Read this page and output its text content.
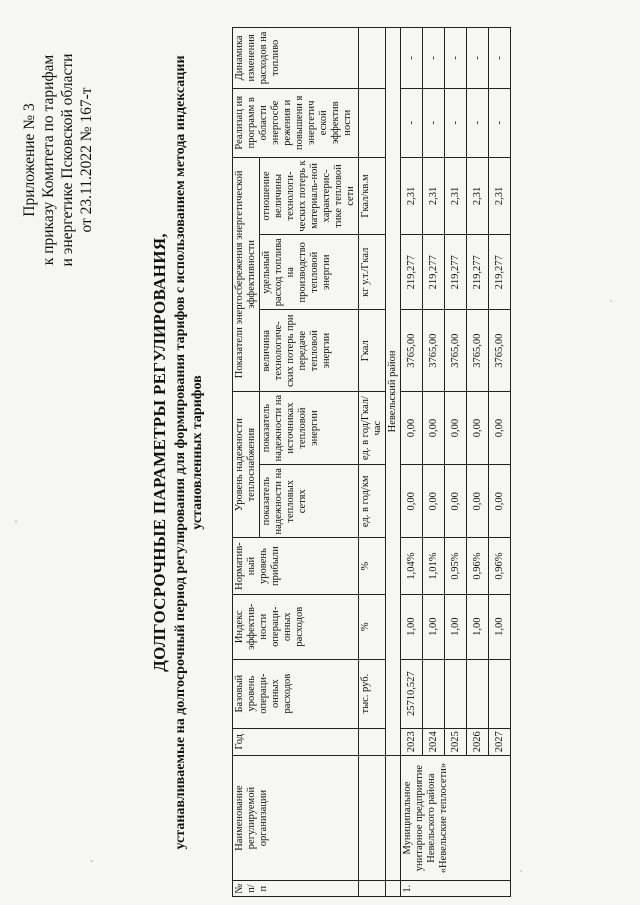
Приложение № 3 к приказу Комитета по тарифам и энергетике Псковской области от 23.11.2022 № 167-т
ДОЛГОСРОЧНЫЕ ПАРАМЕТРЫ РЕГУЛИРОВАНИЯ, устанавливаемые на долгосрочный период регулирования для формирования тарифов с использованием метода индексации установленных тарифов
№ п/ п	Наименование регулируемой организации	Год	Базовый уровень операци-онных расходов	Индекс эффектив-ности операци-онных расходов	Норматив-ный уровень прибыли	Уровень надежности теплоснабжения		Показатели энергосбережения энергетической эффективности			Реализац ия программ в области энергосбе режения и повышени я энергетич еской эффектив ности	Динамика изменения расходов на топливо
						показатель надежности на тепловых сетях	показатель надежности на источниках тепловой энергии	величина технологиче-ских потерь при передаче тепловой энергии	удельный расход топлива на производство тепловой энергии	отношение величины технологи-ческих потерь к материаль-ной характерис-тике тепловой сети		
			тыс. руб.	%	%	ед. в год/км	ед. в год/Гкал/ час	Гкал	кг у.т./Гкал	Гкал/кв.м		
		Невельский район										
1.	Муниципальное унитарное предприятие Невельского района «Невельские теплосети»	2023	25710,527	1,00	1,04%	0,00	0,00	3765,00	219,277	2,31	-	-
		2024		1,00	1,01%	0,00	0,00	3765,00	219,277	2,31	-	-
		2025		1,00	0,95%	0,00	0,00	3765,00	219,277	2,31	-	-
		2026		1,00	0,96%	0,00	0,00	3765,00	219,277	2,31	-	-
		2027		1,00	0,96%	0,00	0,00	3765,00	219,277	2,31	-	-
